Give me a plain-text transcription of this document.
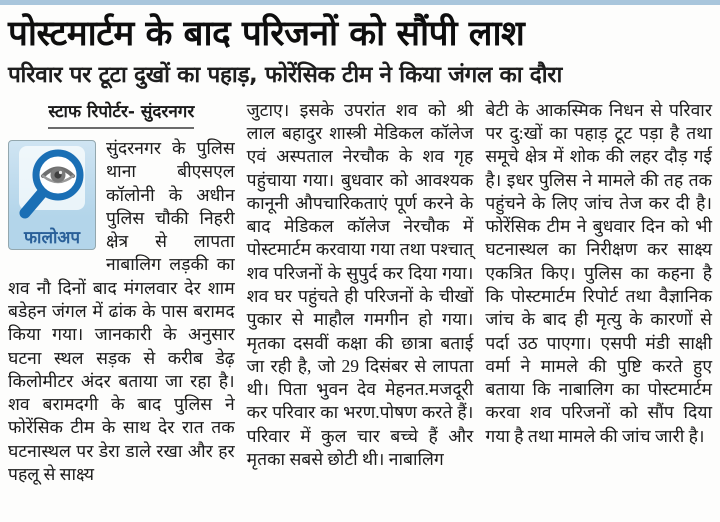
पोस्टमार्टम के बाद परिजनों को सौंपी लाश
परिवार पर टूटा दुखों का पहाड़, फोरेंसिक टीम ने किया जंगल का दौरा
स्टाफ रिपोर्टर- सुंदरनगर
फालोअप
सुंदरनगर के पुलिस थाना बीएसएल कॉलोनी के अधीन पुलिस चौकी निहरी क्षेत्र से लापता नाबालिग लड़की का शव नौ दिनों बाद मंगलवार देर शाम बडेहन जंगल में ढांक के पास बरामद किया गया। जानकारी के अनुसार घटना स्थल सड़क से करीब डेढ़ किलोमीटर अंदर बताया जा रहा है। शव बरामदगी के बाद पुलिस ने फोरेंसिक टीम के साथ देर रात तक घटनास्थल पर डेरा डाले रखा और हर पहलू से साक्ष्य
जुटाए। इसके उपरांत शव को श्री लाल बहादुर शास्त्री मेडिकल कॉलेज एवं अस्पताल नेरचौक के शव गृह पहुंचाया गया। बुधवार को आवश्यक कानूनी औपचारिकताएं पूर्ण करने के बाद मेडिकल कॉलेज नेरचौक में पोस्टमार्टम करवाया गया तथा पश्चात् शव परिजनों के सुपुर्द कर दिया गया। शव घर पहुंचते ही परिजनों के चीखों पुकार से माहौल गमगीन हो गया। मृतका दसवीं कक्षा की छात्रा बताई जा रही है, जो 29 दिसंबर से लापता थी। पिता भुवन देव मेहनत.मजदूरी कर परिवार का भरण.पोषण करते हैं। परिवार में कुल चार बच्चे हैं और मृतका सबसे छोटी थी। नाबालिग
बेटी के आकस्मिक निधन से परिवार पर दु:खों का पहाड़ टूट पड़ा है तथा समूचे क्षेत्र में शोक की लहर दौड़ गई है। इधर पुलिस ने मामले की तह तक पहुंचने के लिए जांच तेज कर दी है। फोरेंसिक टीम ने बुधवार दिन को भी घटनास्थल का निरीक्षण कर साक्ष्य एकत्रित किए। पुलिस का कहना है कि पोस्टमार्टम रिपोर्ट तथा वैज्ञानिक जांच के बाद ही मृत्यु के कारणों से पर्दा उठ पाएगा। एसपी मंडी साक्षी वर्मा ने मामले की पुष्टि करते हुए बताया कि नाबालिग का पोस्टमार्टम करवा शव परिजनों को सौंप दिया गया है तथा मामले की जांच जारी है।
